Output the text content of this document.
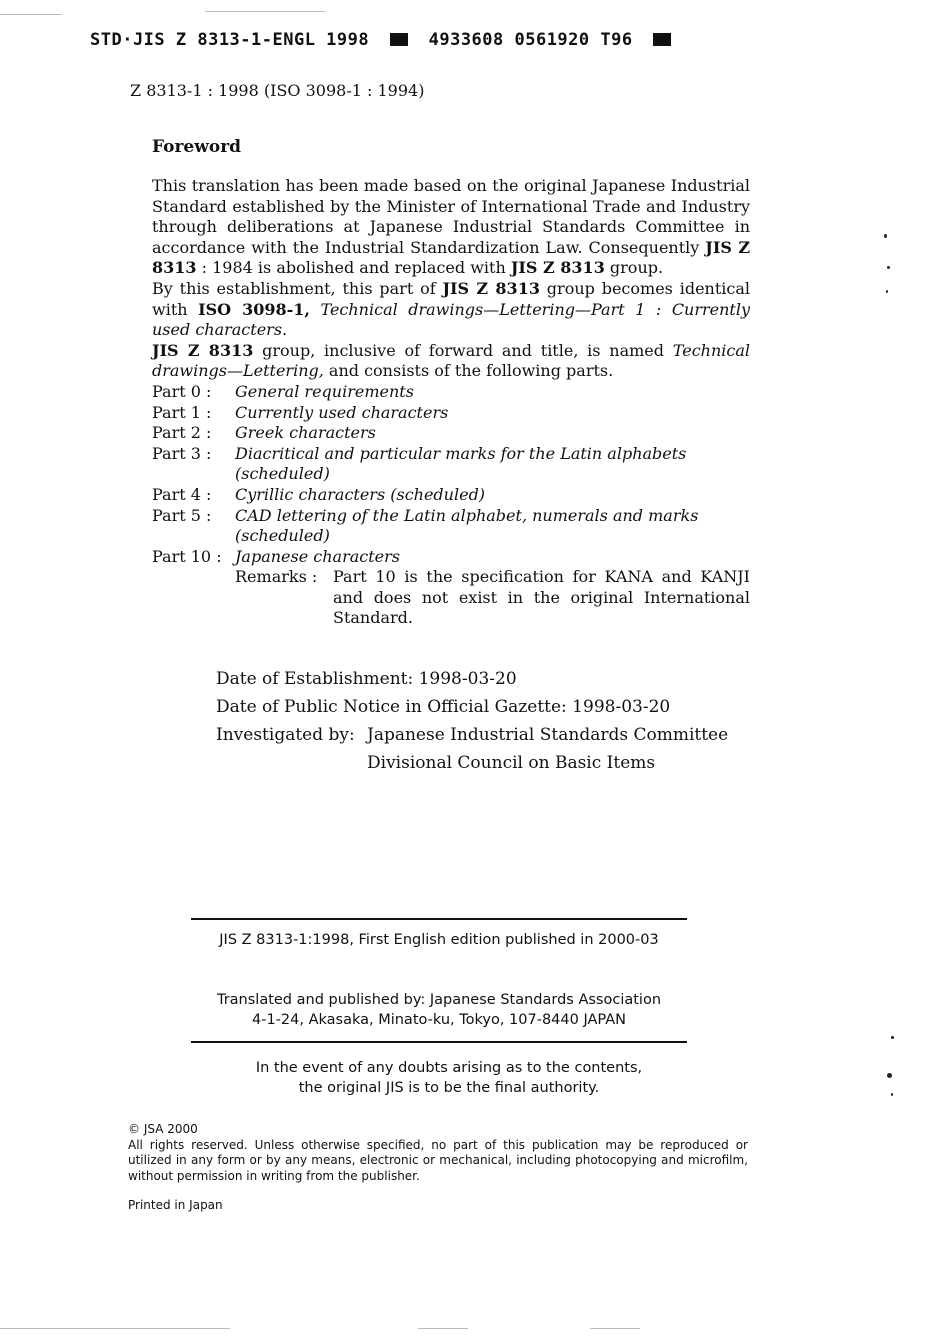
STD·JIS Z 8313-1-ENGL 1998	4933608 0561920 T96
Z 8313-1 : 1998 (ISO 3098-1 : 1994)
Foreword
This translation has been made based on the original Japanese Industrial Standard established by the Minister of International Trade and Industry through deliberations at Japanese Industrial Standards Committee in accordance with the Industrial Standardization Law. Consequently JIS Z 8313 : 1984 is abolished and replaced with JIS Z 8313 group.
By this establishment, this part of JIS Z 8313 group becomes identical with ISO 3098-1, Technical drawings—Lettering—Part 1 : Currently used characters.
JIS Z 8313 group, inclusive of forward and title, is named Technical drawings—Lettering, and consists of the following parts.
Part 0 :	General requirements
Part 1 :	Currently used characters
Part 2 :	Greek characters
Part 3 :	Diacritical and particular marks for the Latin alphabets (scheduled)
Part 4 :	Cyrillic characters (scheduled)
Part 5 :	CAD lettering of the Latin alphabet, numerals and marks (scheduled)
Part 10 : Japanese characters
Remarks : Part 10 is the specification for KANA and KANJI and does not exist in the original International Standard.
Date of Establishment: 1998-03-20
Date of Public Notice in Official Gazette: 1998-03-20
Investigated by: Japanese Industrial Standards Committee
Divisional Council on Basic Items
JIS Z 8313-1:1998, First English edition published in 2000-03
Translated and published by: Japanese Standards Association
4-1-24, Akasaka, Minato-ku, Tokyo, 107-8440 JAPAN
In the event of any doubts arising as to the contents,
the original JIS is to be the final authority.
© JSA 2000
All rights reserved. Unless otherwise specified, no part of this publication may be reproduced or utilized in any form or by any means, electronic or mechanical, including photocopying and microfilm, without permission in writing from the publisher.
Printed in Japan
